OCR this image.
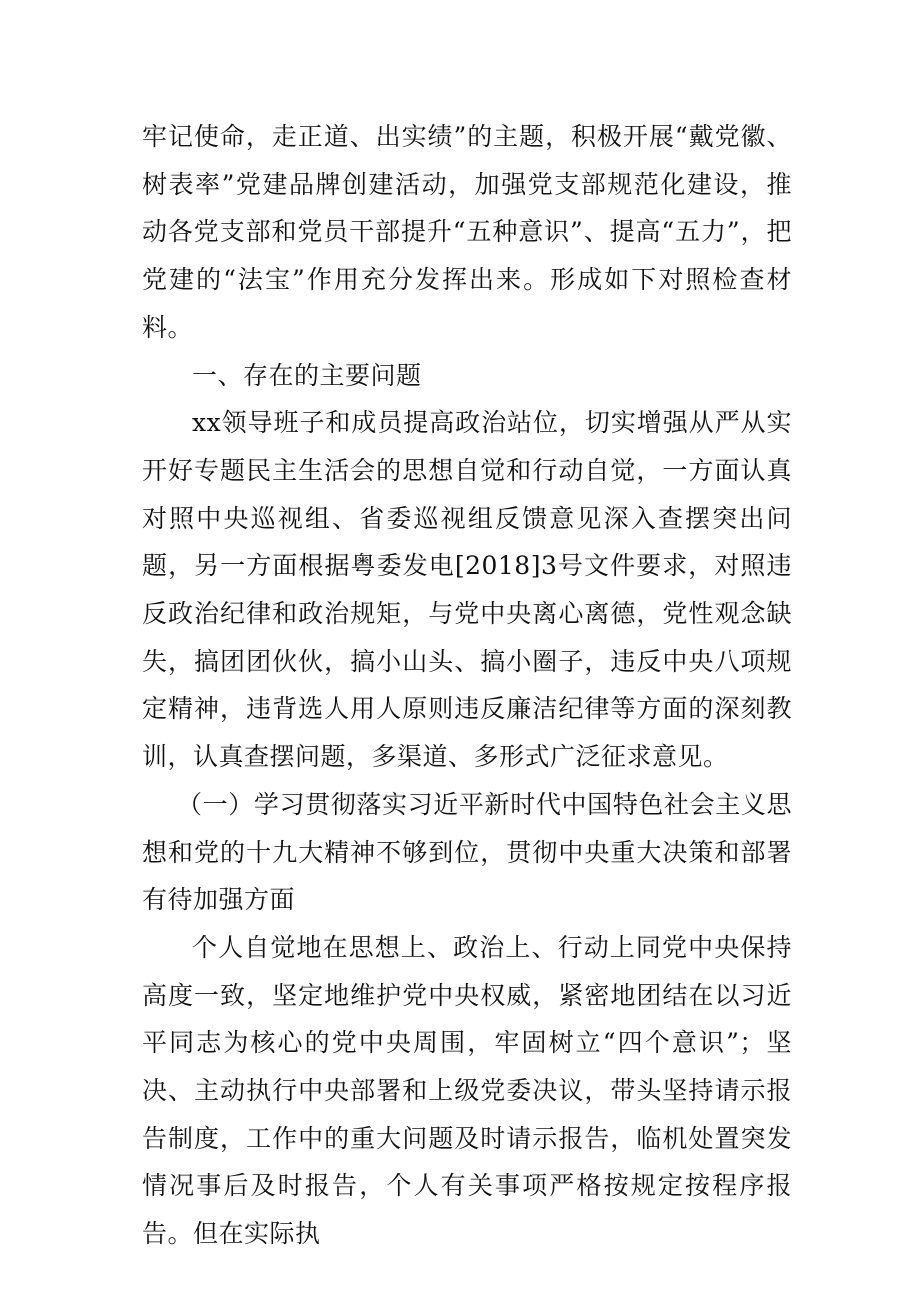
牢记使命，走正道、出实绩”的主题，积极开展“戴党徽、树表率”党建品牌创建活动，加强党支部规范化建设，推动各党支部和党员干部提升“五种意识”、提高“五力”，把党建的“法宝”作用充分发挥出来。形成如下对照检查材料。

一、存在的主要问题

xx领导班子和成员提高政治站位，切实增强从严从实开好专题民主生活会的思想自觉和行动自觉，一方面认真对照中央巡视组、省委巡视组反馈意见深入查摆突出问题，另一方面根据粤委发电[2018]3号文件要求，对照违反政治纪律和政治规矩，与党中央离心离德，党性观念缺失，搞团团伙伙，搞小山头、搞小圈子，违反中央八项规定精神，违背选人用人原则违反廉洁纪律等方面的深刻教训，认真查摆问题，多渠道、多形式广泛征求意见。

（一）学习贯彻落实习近平新时代中国特色社会主义思想和党的十九大精神不够到位，贯彻中央重大决策和部署有待加强方面

个人自觉地在思想上、政治上、行动上同党中央保持高度一致，坚定地维护党中央权威，紧密地团结在以习近平同志为核心的党中央周围，牢固树立“四个意识”；坚决、主动执行中央部署和上级党委决议，带头坚持请示报告制度，工作中的重大问题及时请示报告，临机处置突发情况事后及时报告，个人有关事项严格按规定按程序报告。但在实际执
